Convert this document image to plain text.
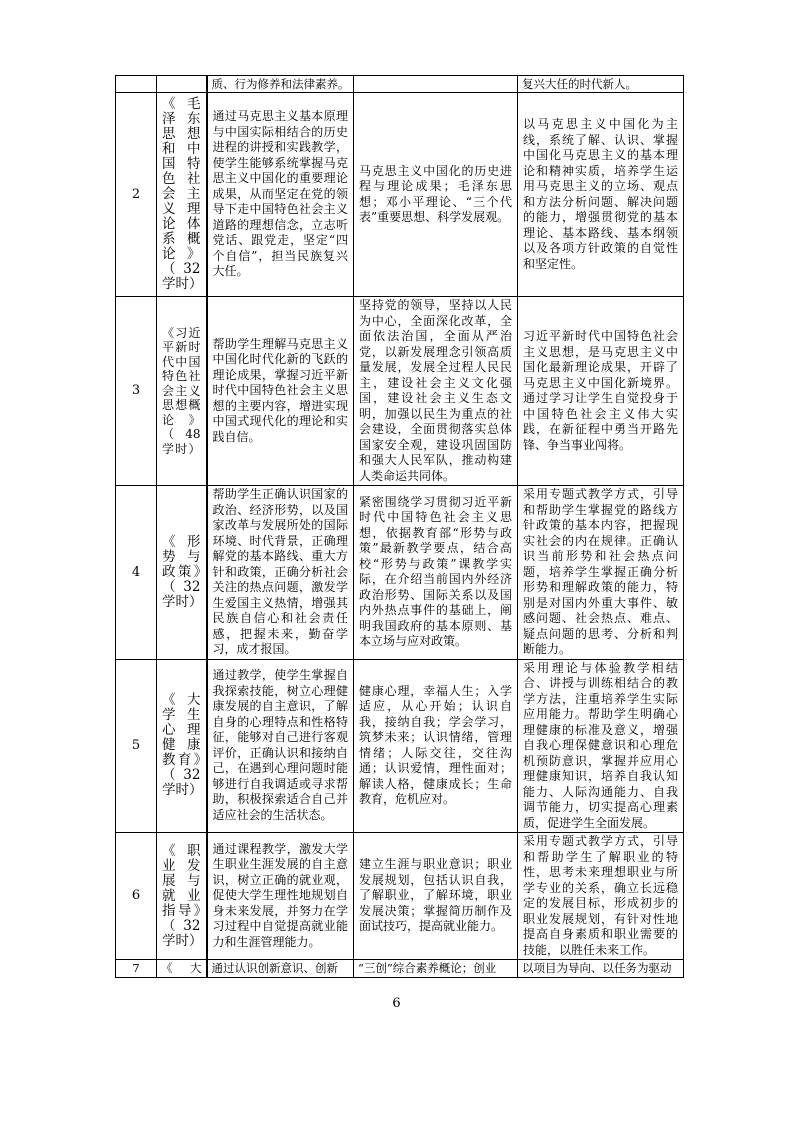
		质、行为修养和法律素养。		复兴大任的时代新人。
2	《毛泽东思想和中国特色社会主义理论体系概论》（32学时）	通过马克思主义基本原理与中国实际相结合的历史进程的讲授和实践教学，使学生能够系统掌握马克思主义中国化的重要理论成果，从而坚定在党的领导下走中国特色社会主义道路的理想信念，立志听党话、跟党走，坚定“四个自信”，担当民族复兴大任。	马克思主义中国化的历史进程与理论成果；毛泽东思想；邓小平理论、“三个代表”重要思想、科学发展观。	以马克思主义中国化为主线，系统了解、认识、掌握中国化马克思主义的基本理论和精神实质，培养学生运用马克思主义的立场、观点和方法分析问题、解决问题的能力，增强贯彻党的基本理论、基本路线、基本纲领以及各项方针政策的自觉性和坚定性。
3	《习近平新时代中国特色社会主义思想概论》（48学时）	帮助学生理解马克思主义中国化时代化新的飞跃的理论成果，掌握习近平新时代中国特色社会主义思想的主要内容，增进实现中国式现代化的理论和实践自信。	坚持党的领导，坚持以人民为中心，全面深化改革，全面依法治国，全面从严治党，以新发展理念引领高质量发展，发展全过程人民民主，建设社会主义文化强国，建设社会主义生态文明，加强以民生为重点的社会建设，全面贯彻落实总体国家安全观，建设巩固国防和强大人民军队，推动构建人类命运共同体。	习近平新时代中国特色社会主义思想，是马克思主义中国化最新理论成果，开辟了马克思主义中国化新境界。通过学习让学生自觉投身于中国特色社会主义伟大实践，在新征程中勇当开路先锋、争当事业闯将。
4	《形势与政策》（32学时）	帮助学生正确认识国家的政治、经济形势，以及国家改革与发展所处的国际环境、时代背景，正确理解党的基本路线、重大方针和政策，正确分析社会关注的热点问题，激发学生爱国主义热情，增强其民族自信心和社会责任感，把握未来，勤奋学习，成才报国。	紧密围绕学习贯彻习近平新时代中国特色社会主义思想，依据教育部“形势与政策”最新教学要点，结合高校“形势与政策”课教学实际，在介绍当前国内外经济政治形势、国际关系以及国内外热点事件的基础上，阐明我国政府的基本原则、基本立场与应对政策。	采用专题式教学方式，引导和帮助学生掌握党的路线方针政策的基本内容，把握现实社会的内在规律。正确认识当前形势和社会热点问题，培养学生掌握正确分析形势和理解政策的能力，特别是对国内外重大事件、敏感问题、社会热点、难点、疑点问题的思考、分析和判断能力。
5	《大学生心理健康教育》（32学时）	通过教学，使学生掌握自我探索技能，树立心理健康发展的自主意识，了解自身的心理特点和性格特征，能够对自己进行客观评价，正确认识和接纳自己，在遇到心理问题时能够进行自我调适或寻求帮助，积极探索适合自己并适应社会的生活状态。	健康心理，幸福人生；入学适应，从心开始；认识自我，接纳自我；学会学习，筑梦未来；认识情绪，管理情绪；人际交往，交往沟通；认识爱情，理性面对；解读人格，健康成长；生命教育，危机应对。	采用理论与体验教学相结合、讲授与训练相结合的教学方法，注重培养学生实际应用能力。帮助学生明确心理健康的标准及意义，增强自我心理保健意识和心理危机预防意识，掌握并应用心理健康知识，培养自我认知能力、人际沟通能力、自我调节能力，切实提高心理素质，促进学生全面发展。
6	《职业发展与就业指导》（32学时）	通过课程教学，激发大学生职业生涯发展的自主意识，树立正确的就业观，促使大学生理性地规划自身未来发展，并努力在学习过程中自觉提高就业能力和生涯管理能力。	建立生涯与职业意识；职业发展规划，包括认识自我，了解职业，了解环境，职业发展决策；掌握简历制作及面试技巧，提高就业能力。	采用专题式教学方式，引导和帮助学生了解职业的特性，思考未来理想职业与所学专业的关系，确立长远稳定的发展目标，形成初步的职业发展规划，有针对性地提高自身素质和职业需要的技能，以胜任未来工作。
7	《大	通过认识创新意识、创新	“三创”综合素养概论；创业	以项目为导向、以任务为驱动
6
